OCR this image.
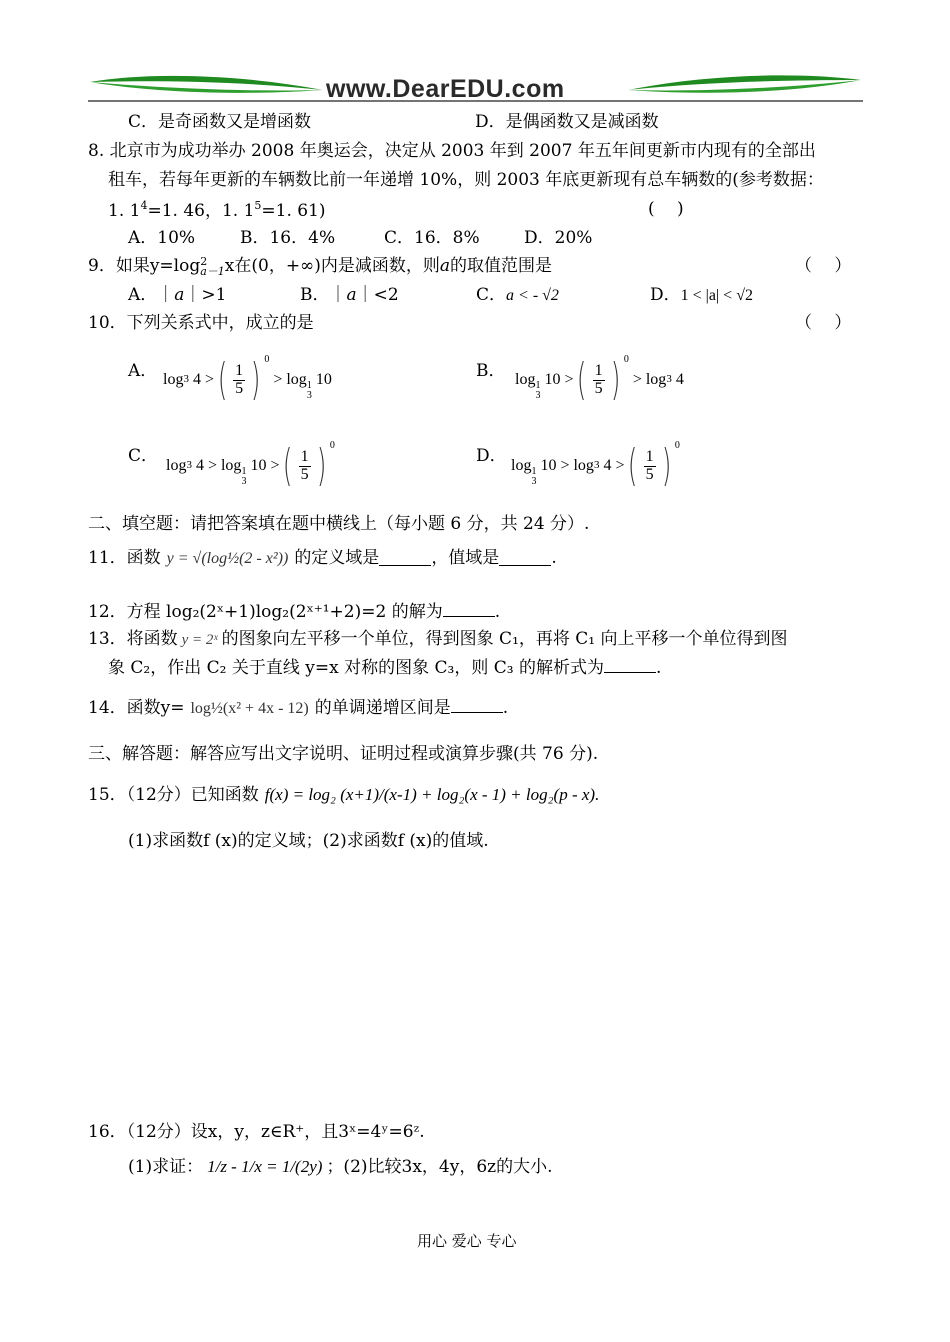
www.DearEDU.com
C．是奇函数又是增函数	D．是偶函数又是减函数
8. 北京市为成功举办 2008 年奥运会，决定从 2003 年到 2007 年五年间更新市内现有的全部出
租车，若每年更新的车辆数比前一年递增 10%，则 2003 年底更新现有总车辆数的(参考数据：
1. $1^4=1$. 46，1. $1^5=1$. 61)	(　 )
A．10%	B．16．4%	C．16．8%	D．20%
9．如果y=log 2
a－1 x在(0，+∞)内是减函数，则a的取值范围是	（　 ）
A．｜a｜>1	B．｜a｜<2	C．a < - √2	D．1 < |a| < √2
10．下列关系式中，成立的是	（　 ）
A． log 3
4
> ( $\frac{1}{5}$ ) 0

>
log 1
3

10	B． log 1
3

10
> ( $\frac{1}{5}$ ) 0

>
log 3
4
C． log 3
4
>
log 1
3

10
> ( $\frac{1}{5}$ ) 0
D． log 1
3

10
>
log 3
4
> ( $\frac{1}{5}$ ) 0
二、填空题：请把答案填在题中横线上（每小题 6 分，共 24 分）.
11．函数 y = √(log½(2 - x²)) 的定义域是	，值域是	.
12．方程 log₂(2ˣ+1)log₂(2ˣ⁺¹+2)=2 的解为	.
13．将函数 y = 2ˣ 的图象向左平移一个单位，得到图象 C₁，再将 C₁ 向上平移一个单位得到图
象 C₂，作出 C₂ 关于直线 y=x 对称的图象 C₃，则 C₃ 的解析式为	.
14．函数y= log½(x² + 4x - 12) 的单调递增区间是	.
三、解答题：解答应写出文字说明、证明过程或演算步骤(共 76 分).
15．（12分）已知函数 f(x) = log₂ (x+1)/(x-1) + log₂(x - 1) + log₂(p - x).
(1)求函数f (x)的定义域；(2)求函数f (x)的值域.
16．（12分）设x，y，z∈R⁺，且3ˣ=4ʸ=6ᶻ.
(1)求证： 1/z - 1/x = 1/(2y) ；(2)比较3x，4y，6z的大小.
用心 爱心 专心
